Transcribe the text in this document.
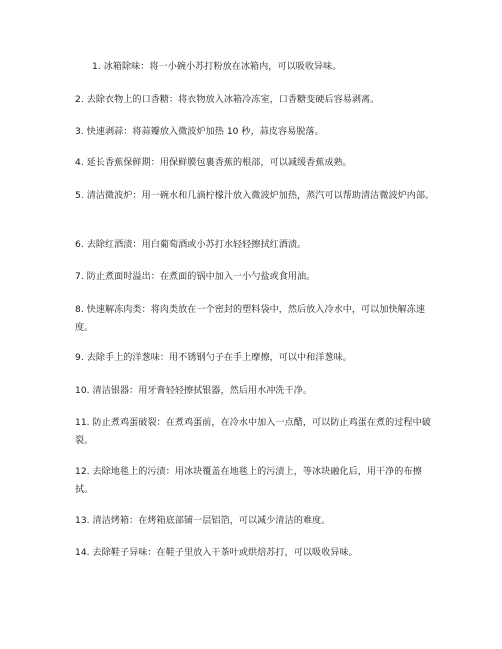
1. 冰箱除味：将一小碗小苏打粉放在冰箱内，可以吸收异味。

2. 去除衣物上的口香糖：将衣物放入冰箱冷冻室，口香糖变硬后容易剥离。

3. 快速剥蒜：将蒜瓣放入微波炉加热 10 秒，蒜皮容易脱落。

4. 延长香蕉保鲜期：用保鲜膜包裹香蕉的根部，可以减缓香蕉成熟。

5. 清洁微波炉：用一碗水和几滴柠檬汁放入微波炉加热，蒸汽可以帮助清洁微波炉内部。

6. 去除红酒渍：用白葡萄酒或小苏打水轻轻擦拭红酒渍。

7. 防止煮面时溢出：在煮面的锅中加入一小勺盐或食用油。

8. 快速解冻肉类：将肉类放在一个密封的塑料袋中，然后放入冷水中，可以加快解冻速度。

9. 去除手上的洋葱味：用不锈钢勺子在手上摩擦，可以中和洋葱味。

10. 清洁银器：用牙膏轻轻擦拭银器，然后用水冲洗干净。

11. 防止煮鸡蛋破裂：在煮鸡蛋前，在冷水中加入一点醋，可以防止鸡蛋在煮的过程中破裂。

12. 去除地毯上的污渍：用冰块覆盖在地毯上的污渍上，等冰块融化后，用干净的布擦拭。

13. 清洁烤箱：在烤箱底部铺一层铝箔，可以减少清洁的难度。

14. 去除鞋子异味：在鞋子里放入干茶叶或烘焙苏打，可以吸收异味。
